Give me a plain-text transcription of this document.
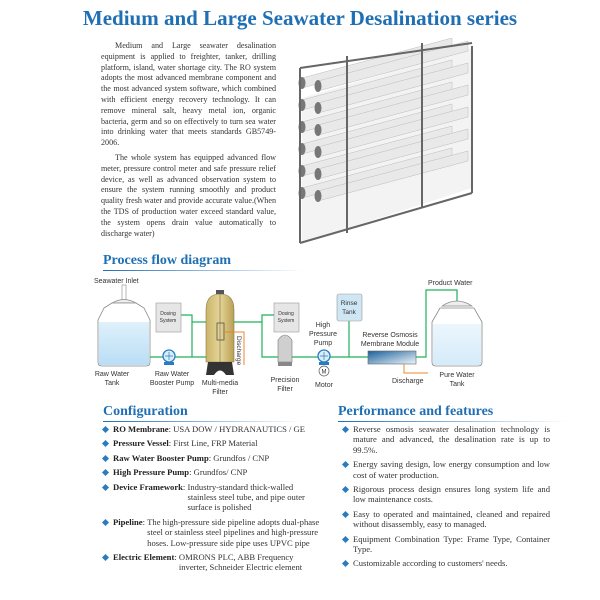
Medium and Large Seawater Desalination series

Medium and Large seawater desalination equipment is applied to freighter, tanker, drilling platform, island, water shortage city. The RO system adopts the most advanced membrane component and the most advanced system software, which combined with efficient energy recovery technology. It can remove mineral salt, heavy metal ion, organic bacteria, germ and so on effectively to turn sea water into drinking water that meets standards GB5749-2006.

The whole system has equipped advanced flow meter, pressure control meter and safe pressure relief device, as well as advanced observation system to ensure the system running smoothly and product quality fresh water and provide accurate value.(When the TDS of production water exceed standard value, the system opens drain value automatically to discharge water)

Process flow diagram
Seawater Inlet
Raw Water
Tank
Raw Water
Booster Pump
Dosing
System
Multi-media
Filter
Discharge
Dosing
System
Precision
Filter
M
Motor
High
Pressure
Pump
Rinse
Tank
Reverse Osmosis
Membrane Module
Discharge
Product Water
Pure Water
Tank
Configuration
RO Membrane: USA DOW / HYDRANAUTICS / GE
Pressure Vessel: First Line, FRP Material
Raw Water Booster Pump: Grundfos / CNP
High Pressure Pump: Grundfos/ CNP
Device Framework: Industry-standard thick-walled stainless steel tube, and pipe outer surface is polished
Pipeline: The high-pressure side pipeline adopts dual-phase steel or stainless steel pipelines and high-pressure hoses. Low-pressure side pipe uses UPVC pipe
Electric Element: OMRONS PLC, ABB Frequency inverter, Schneider Electric element
Performance and features
Reverse osmosis seawater desalination technology is mature and advanced, the desalination rate is up to 99.5%.
Energy saving design, low energy consumption and low cost of water production.
Rigorous process design ensures long system life and low maintenance costs.
Easy to operated and maintained, cleaned and repaired without disassembly, easy to managed.
Equipment Combination Type: Frame Type, Container Type.
Customizable according to customers' needs.
